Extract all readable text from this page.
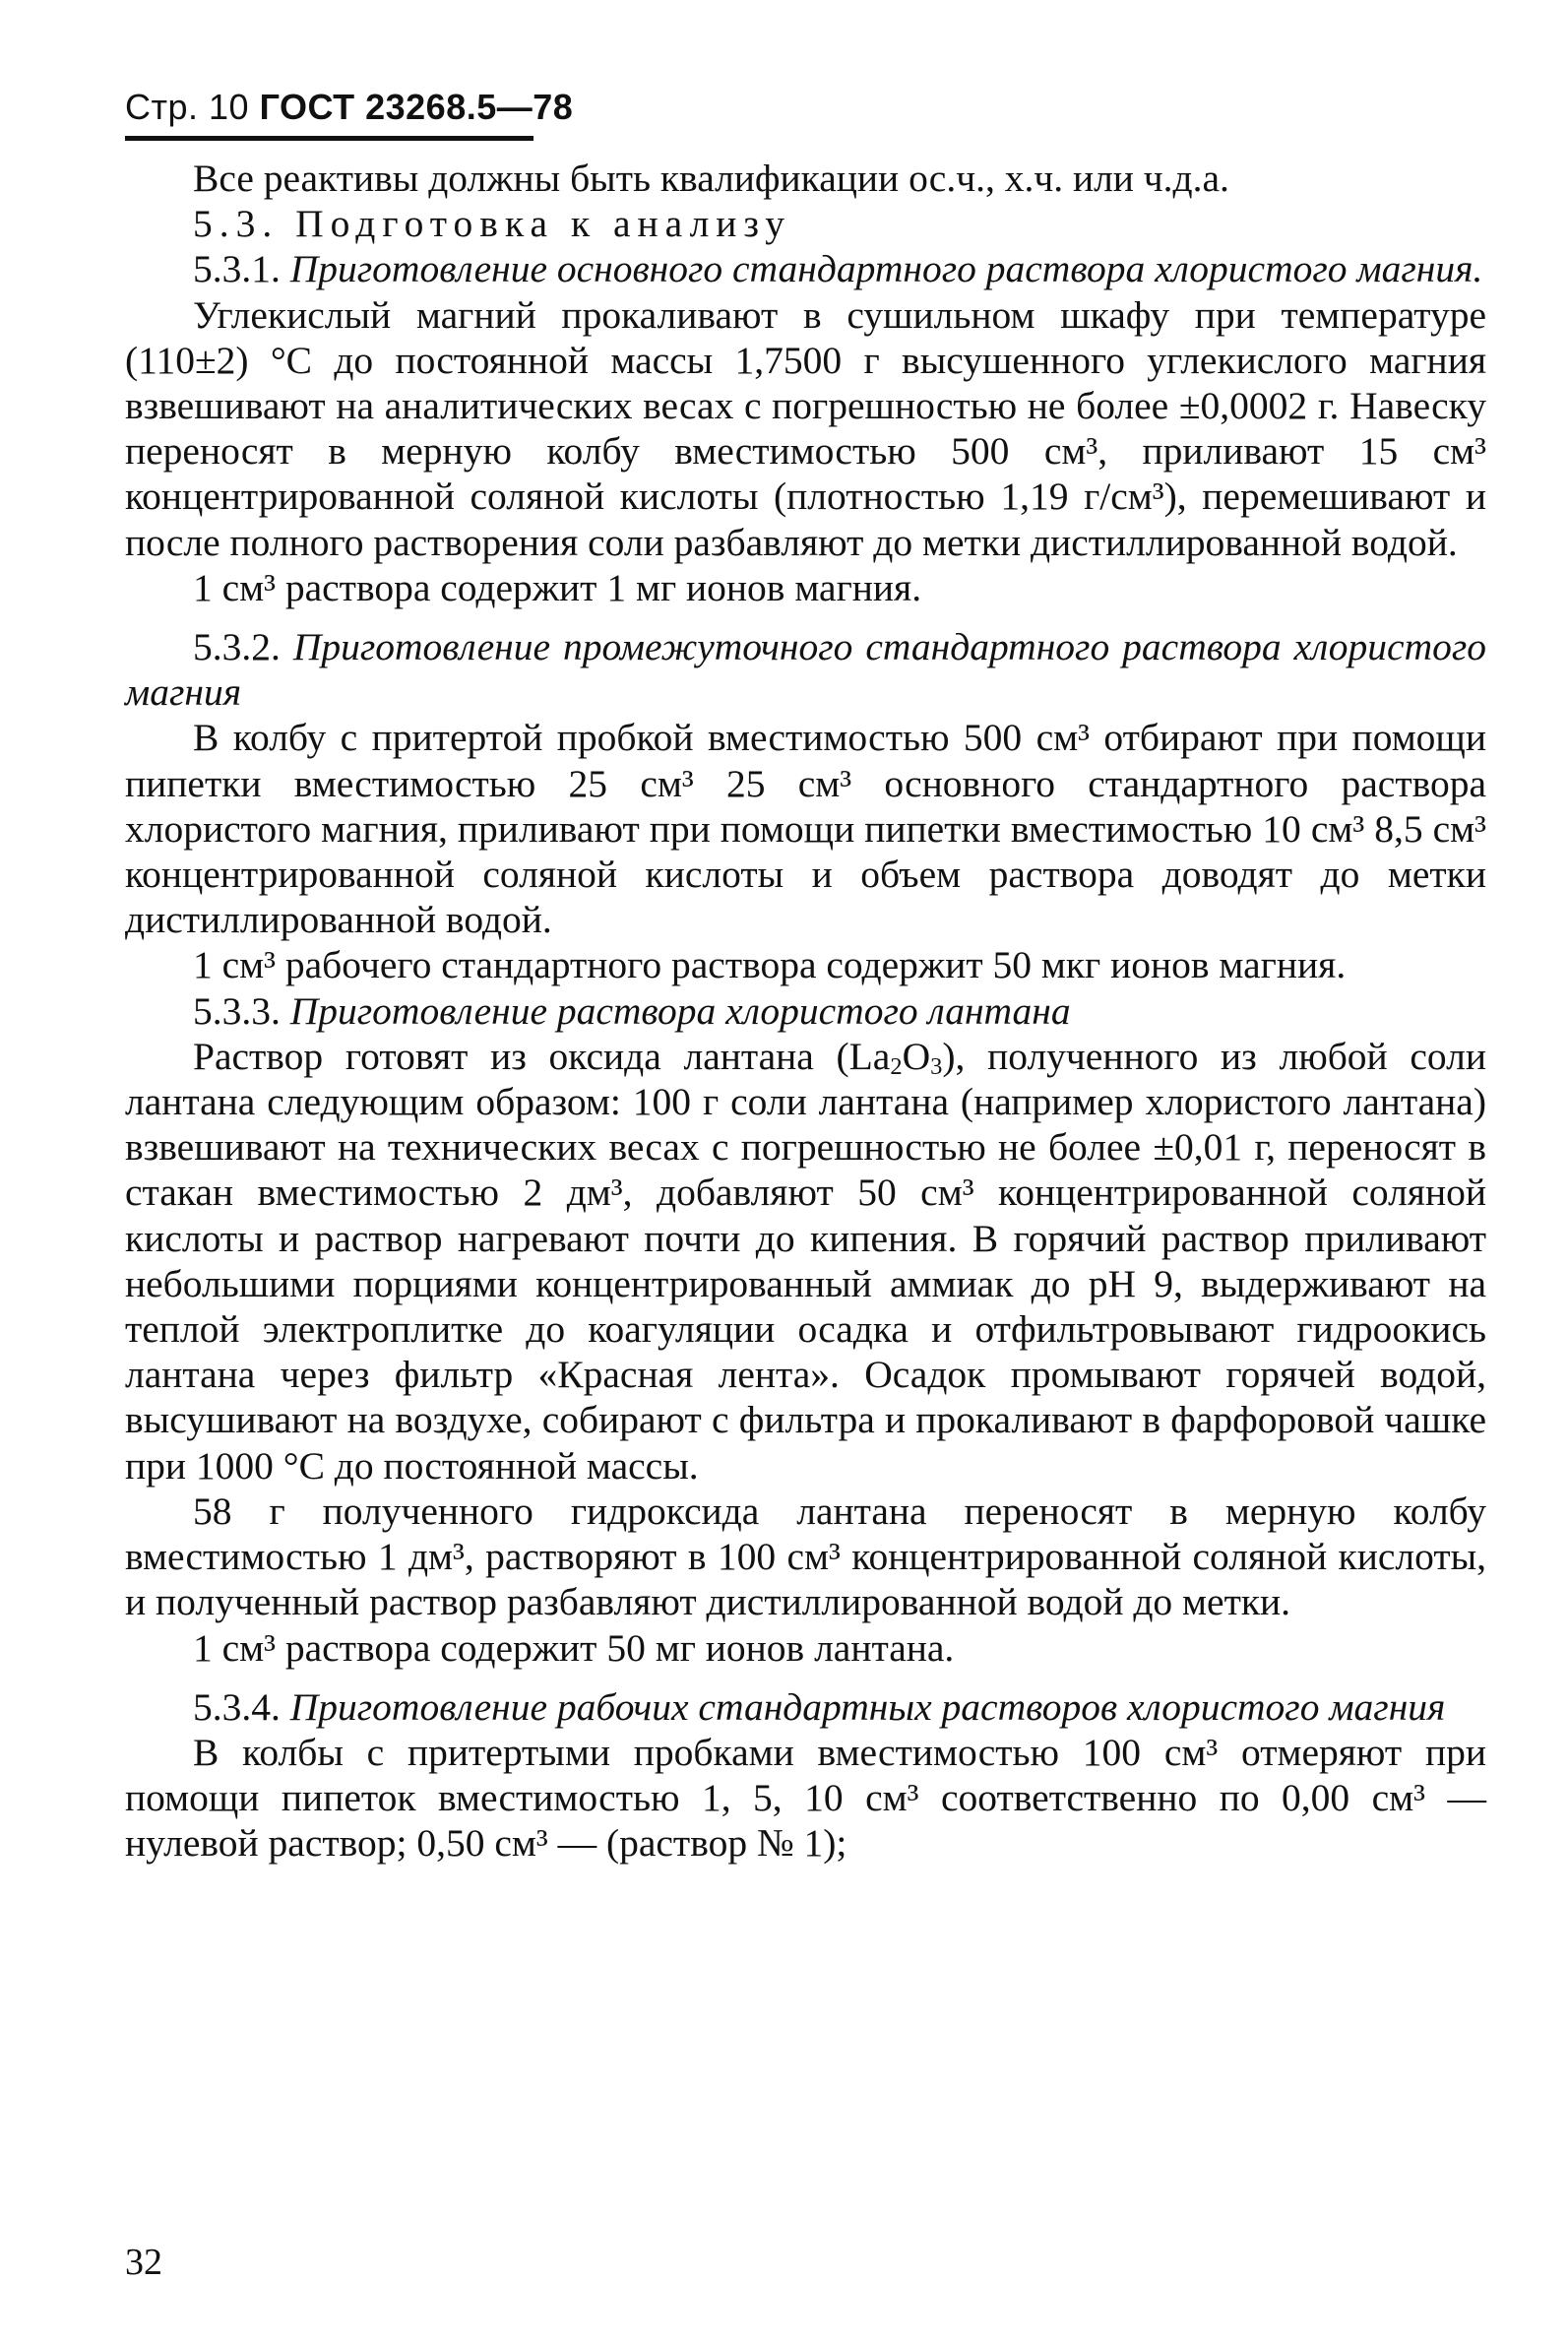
Стр. 10 ГОСТ 23268.5—78

Все реактивы должны быть квалификации ос.ч., х.ч. или ч.д.а.

5.3. Подготовка к анализу

5.3.1. Приготовление основного стандартного раствора хлористого магния.

Углекислый магний прокаливают в сушильном шкафу при температуре (110±2) °С до постоянной массы 1,7500 г высушенного углекислого магния взвешивают на аналитических весах с погрешностью не более ±0,0002 г. Навеску переносят в мерную колбу вместимостью 500 см³, приливают 15 см³ концентрированной соляной кислоты (плотностью 1,19 г/см³), перемешивают и после полного растворения соли разбавляют до метки дистиллированной водой.

1 см³ раствора содержит 1 мг ионов магния.

5.3.2. Приготовление промежуточного стандартного раствора хлористого магния

В колбу с притертой пробкой вместимостью 500 см³ отбирают при помощи пипетки вместимостью 25 см³ 25 см³ основного стандартного раствора хлористого магния, приливают при помощи пипетки вместимостью 10 см³ 8,5 см³ концентрированной соляной кислоты и объем раствора доводят до метки дистиллированной водой.

1 см³ рабочего стандартного раствора содержит 50 мкг ионов магния.

5.3.3. Приготовление раствора хлористого лантана

Раствор готовят из оксида лантана $(La_2O_3)$, полученного из любой соли лантана следующим образом: 100 г соли лантана (например хлористого лантана) взвешивают на технических весах с погрешностью не более ±0,01 г, переносят в стакан вместимостью 2 дм³, добавляют 50 см³ концентрированной соляной кислоты и раствор нагревают почти до кипения. В горячий раствор приливают небольшими порциями концентрированный аммиак до pH 9, выдерживают на теплой электроплитке до коагуляции осадка и отфильтровывают гидроокись лантана через фильтр «Красная лента». Осадок промывают горячей водой, высушивают на воздухе, собирают с фильтра и прокаливают в фарфоровой чашке при 1000 °С до постоянной массы.

58 г полученного гидроксида лантана переносят в мерную колбу вместимостью 1 дм³, растворяют в 100 см³ концентрированной соляной кислоты, и полученный раствор разбавляют дистиллированной водой до метки.

1 см³ раствора содержит 50 мг ионов лантана.

5.3.4. Приготовление рабочих стандартных растворов хлористого магния

В колбы с притертыми пробками вместимостью 100 см³ отмеряют при помощи пипеток вместимостью 1, 5, 10 см³ соответственно по 0,00 см³ — нулевой раствор; 0,50 см³ — (раствор № 1);

32
